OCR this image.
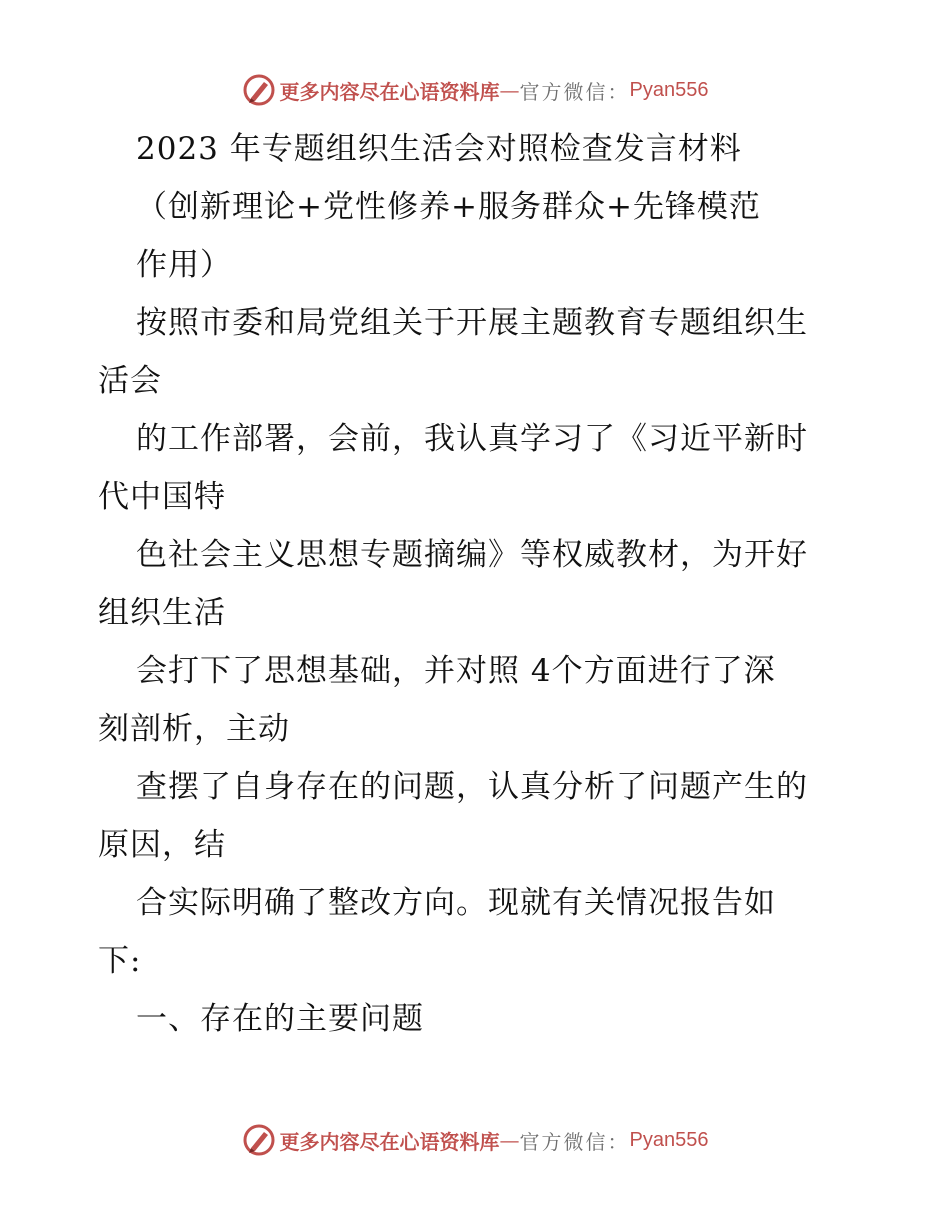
更多内容尽在心语资料库 — 官方微信： Pyan556
2023 年专题组织生活会对照检查发言材料
（创新理论+党性修养+服务群众+先锋模范
作用）
按照市委和局党组关于开展主题教育专题组织生
活会
的工作部署，会前，我认真学习了《习近平新时
代中国特
色社会主义思想专题摘编》等权威教材，为开好
组织生活
会打下了思想基础，并对照 4个方面进行了深
刻剖析，主动
查摆了自身存在的问题，认真分析了问题产生的
原因，结
合实际明确了整改方向。现就有关情况报告如
下:
一、存在的主要问题
更多内容尽在心语资料库 — 官方微信： Pyan556
